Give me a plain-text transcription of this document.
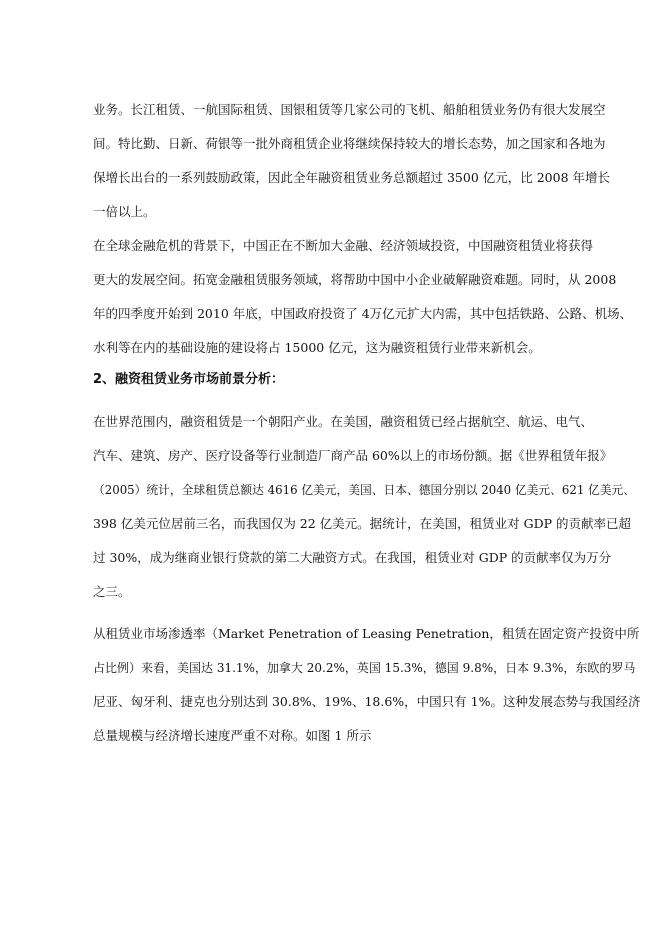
业务。长江租赁、一航国际租赁、国银租赁等几家公司的飞机、船舶租赁业务仍有很大发展空
间。特比勤、日新、荷银等一批外商租赁企业将继续保持较大的增长态势，加之国家和各地为
保增长出台的一系列鼓励政策，因此全年融资租赁业务总额超过 3500 亿元，比 2008 年增长
一倍以上。
在全球金融危机的背景下，中国正在不断加大金融、经济领域投资，中国融资租赁业将获得
更大的发展空间。拓宽金融租赁服务领域，将帮助中国中小企业破解融资难题。同时，从 2008
年的四季度开始到 2010 年底，中国政府投资了 4万亿元扩大内需，其中包括铁路、公路、机场、
水利等在内的基础设施的建设将占 15000 亿元，这为融资租赁行业带来新机会。
2、融资租赁业务市场前景分析：
在世界范围内，融资租赁是一个朝阳产业。在美国，融资租赁已经占据航空、航运、电气、
汽车、建筑、房产、医疗设备等行业制造厂商产品 60%以上的市场份额。据《世界租赁年报》
（2005）统计，全球租赁总额达 4616 亿美元，美国、日本、德国分别以 2040 亿美元、621 亿美元、
398 亿美元位居前三名，而我国仅为 22 亿美元。据统计，在美国，租赁业对 GDP 的贡献率已超
过 30%，成为继商业银行贷款的第二大融资方式。在我国，租赁业对 GDP 的贡献率仅为万分
之三。
从租赁业市场渗透率（Market Penetration of Leasing Penetration，租赁在固定资产投资中所
占比例）来看，美国达 31.1%，加拿大 20.2%，英国 15.3%，德国 9.8%，日本 9.3%，东欧的罗马
尼亚、匈牙利、捷克也分别达到 30.8%、19%、18.6%，中国只有 1%。这种发展态势与我国经济
总量规模与经济增长速度严重不对称。如图 1 所示
